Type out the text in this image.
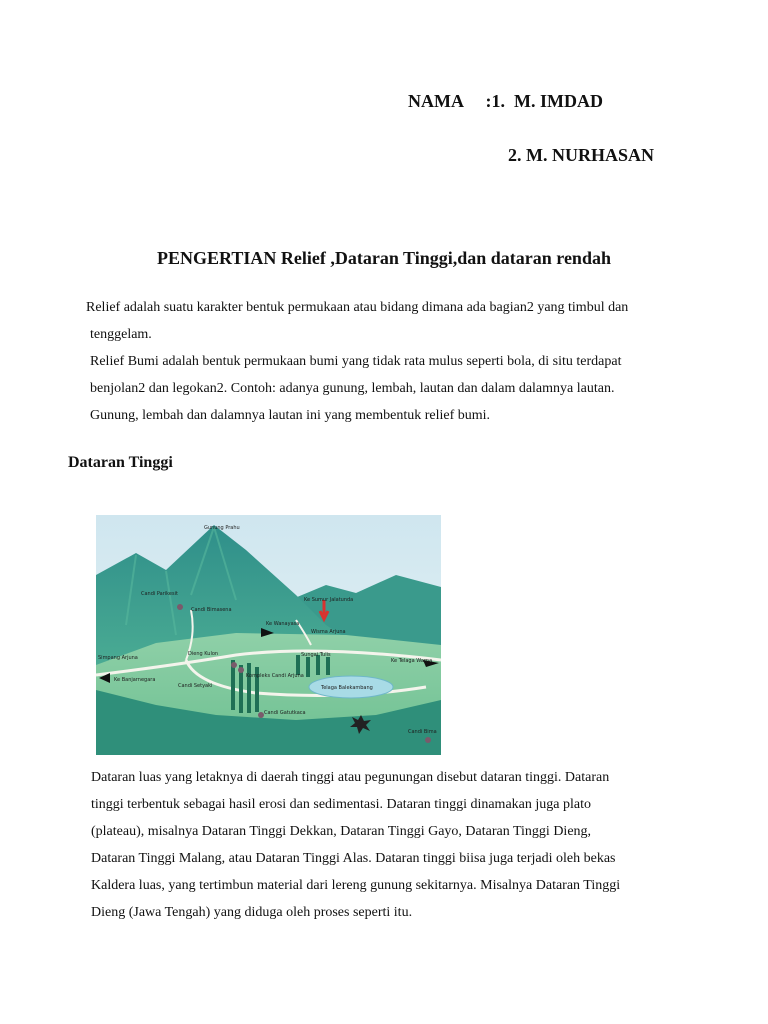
NAMA     :1.  M. IMDAD
2. M. NURHASAN
PENGERTIAN Relief ,Dataran Tinggi,dan dataran rendah

Relief adalah suatu karakter bentuk permukaan atau bidang dimana ada bagian2 yang timbul dan

tenggelam.

Relief Bumi adalah bentuk permukaan bumi yang tidak rata mulus seperti bola, di situ terdapat

benjolan2 dan legokan2. Contoh: adanya gunung, lembah, lautan dan dalam dalamnya lautan.

Gunung, lembah dan dalamnya lautan ini yang membentuk relief bumi.

Dataran Tinggi
Gunung Prahu
Candi Parikesit
Candi Bimasena
Ke Sumur Jalatunda
Ke Wanayasa
Wisma Arjuna
Simpang Arjuna
Dieng Kulon	Sungai Tulis
Ke Telaga Warna
Ke Banjarnegara
Candi Setyaki
Kompleks Candi Arjuna
Telaga Balekambang
Candi Gatutkaca
Candi Bima

Dataran luas yang letaknya di daerah tinggi atau pegunungan disebut dataran tinggi. Dataran

tinggi terbentuk sebagai hasil erosi dan sedimentasi. Dataran tinggi dinamakan juga plato

(plateau), misalnya Dataran Tinggi Dekkan, Dataran Tinggi Gayo, Dataran Tinggi Dieng,

Dataran Tinggi Malang, atau Dataran Tinggi Alas. Dataran tinggi biisa juga terjadi oleh bekas

Kaldera luas, yang tertimbun material dari lereng gunung sekitarnya. Misalnya Dataran Tinggi

Dieng (Jawa Tengah) yang diduga oleh proses seperti itu.
